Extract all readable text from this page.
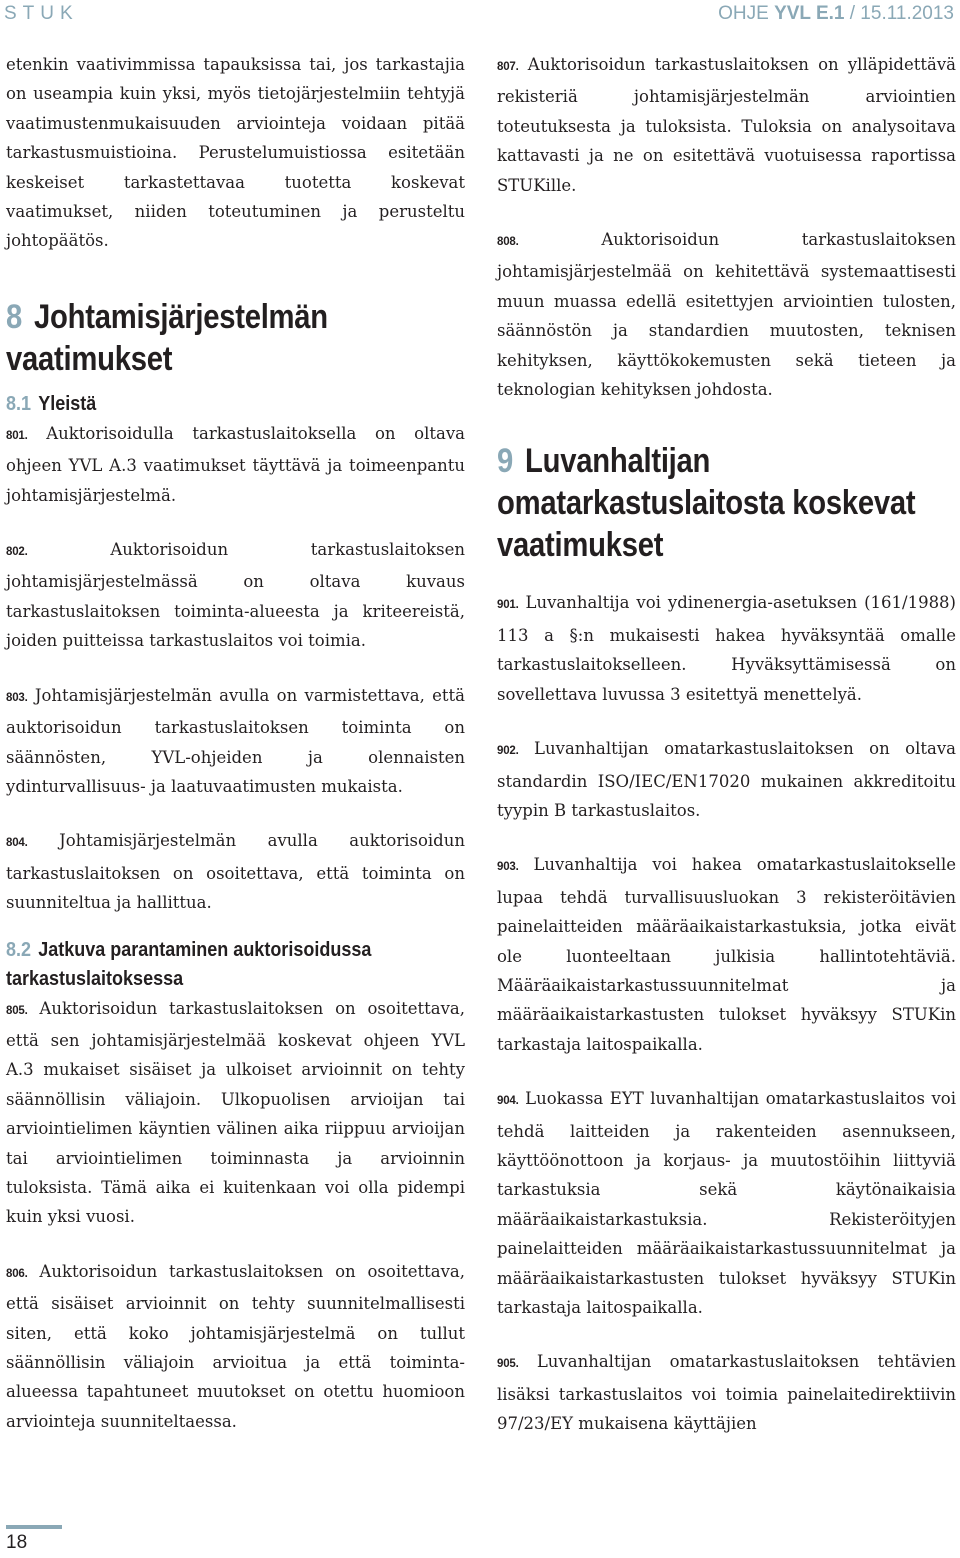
STUK	OHJE YVL E.1 / 15.11.2013

etenkin vaativimmissa tapauksissa tai, jos tarkastajia on useampia kuin yksi, myös tietojärjestelmiin tehtyjä vaatimustenmukaisuuden arviointeja voidaan pitää tarkastusmuistioina. Perustelumuistiossa esitetään keskeiset tarkastettavaa tuotetta koskevat vaatimukset, niiden toteutuminen ja perusteltu johtopäätös.

8 Johtamisjärjestelmän vaatimukset
8.1 Yleistä

801. Auktorisoidulla tarkastuslaitoksella on oltava ohjeen YVL A.3 vaatimukset täyttävä ja toimeenpantu johtamisjärjestelmä.

802. Auktorisoidun tarkastuslaitoksen johtamisjärjestelmässä on oltava kuvaus tarkastuslaitoksen toiminta-alueesta ja kriteereistä, joiden puitteissa tarkastuslaitos voi toimia.

803. Johtamisjärjestelmän avulla on varmistettava, että auktorisoidun tarkastuslaitoksen toiminta on säännösten, YVL-ohjeiden ja olennaisten ydinturvallisuus- ja laatuvaatimusten mukaista.

804. Johtamisjärjestelmän avulla auktorisoidun tarkastuslaitoksen on osoitettava, että toiminta on suunniteltua ja hallittua.

8.2 Jatkuva parantaminen auktorisoidussa tarkastuslaitoksessa

805. Auktorisoidun tarkastuslaitoksen on osoitettava, että sen johtamisjärjestelmää koskevat ohjeen YVL A.3 mukaiset sisäiset ja ulkoiset arvioinnit on tehty säännöllisin väliajoin. Ulkopuolisen arvioijan tai arviointielimen käyntien välinen aika riippuu arvioijan tai arviointielimen toiminnasta ja arvioinnin tuloksista. Tämä aika ei kuitenkaan voi olla pidempi kuin yksi vuosi.

806. Auktorisoidun tarkastuslaitoksen on osoitettava, että sisäiset arvioinnit on tehty suunnitelmallisesti siten, että koko johtamisjärjestelmä on tullut säännöllisin väliajoin arvioitua ja että toiminta-alueessa tapahtuneet muutokset on otettu huomioon arviointeja suunniteltaessa.

807. Auktorisoidun tarkastuslaitoksen on ylläpidettävä rekisteriä johtamisjärjestelmän arviointien toteutuksesta ja tuloksista. Tuloksia on analysoitava kattavasti ja ne on esitettävä vuotuisessa raportissa STUKille.

808. Auktorisoidun tarkastuslaitoksen johtamisjärjestelmää on kehitettävä systemaattisesti muun muassa edellä esitettyjen arviointien tulosten, säännöstön ja standardien muutosten, teknisen kehityksen, käyttökokemusten sekä tieteen ja teknologian kehityksen johdosta.

9 Luvanhaltijan omatarkastuslaitosta koskevat vaatimukset

901. Luvanhaltija voi ydinenergia-asetuksen (161/1988) 113 a §:n mukaisesti hakea hyväksyntää omalle tarkastuslaitokselleen. Hyväksyttämisessä on sovellettava luvussa 3 esitettyä menettelyä.

902. Luvanhaltijan omatarkastuslaitoksen on oltava standardin ISO/IEC/EN17020 mukainen akkreditoitu tyypin B tarkastuslaitos.

903. Luvanhaltija voi hakea omatarkastuslaitokselle lupaa tehdä turvallisuusluokan 3 rekisteröitävien painelaitteiden määräaikaistarkastuksia, jotka eivät ole luonteeltaan julkisia hallintotehtäviä. Määräaikaistarkastussuunnitelmat ja määräaikaistarkastusten tulokset hyväksyy STUKin tarkastaja laitospaikalla.

904. Luokassa EYT luvanhaltijan omatarkastuslaitos voi tehdä laitteiden ja rakenteiden asennukseen, käyttöönottoon ja korjaus- ja muutostöihin liittyviä tarkastuksia sekä käytönaikaisia määräaikaistarkastuksia. Rekisteröityjen painelaitteiden määräaikaistarkastussuunnitelmat ja määräaikaistarkastusten tulokset hyväksyy STUKin tarkastaja laitospaikalla.

905. Luvanhaltijan omatarkastuslaitoksen tehtävien lisäksi tarkastuslaitos voi toimia painelaitedirektiivin 97/23/EY mukaisena käyttäjien

18
